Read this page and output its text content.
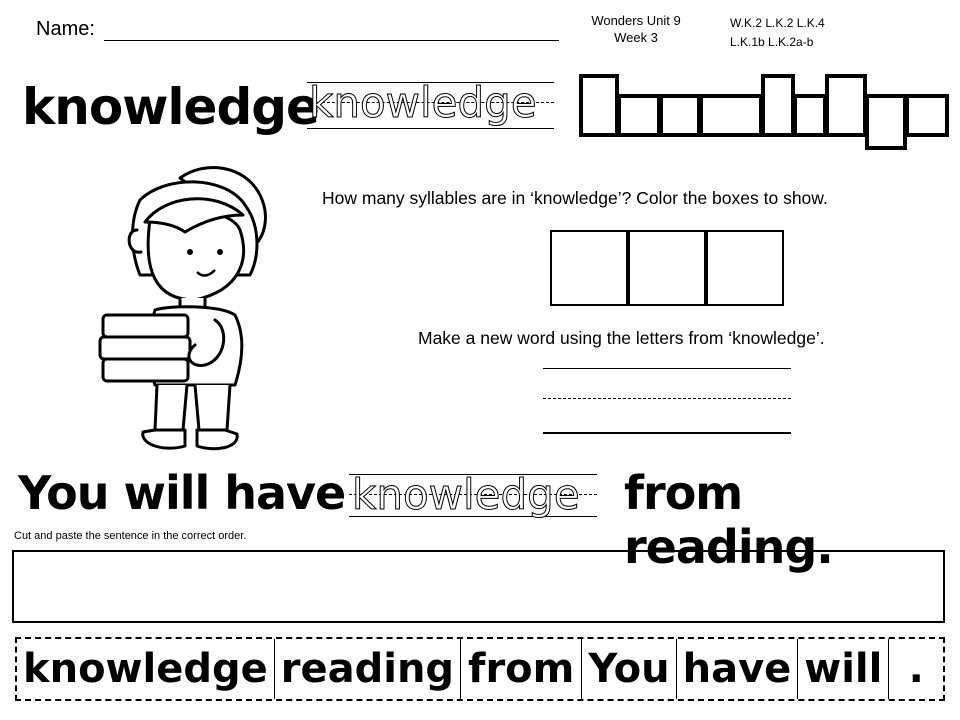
Name:	Wonders Unit 9
Week 3
W.K.2 L.K.2 L.K.4
L.K.1b L.K.2a-b
knowledge
knowledge
How many syllables are in ‘knowledge’? Color the boxes to show.
Make a new word using the letters from ‘knowledge’.
You will have knowledge from reading.
Cut and paste the sentence in the correct order.
knowledge reading from You have will .
